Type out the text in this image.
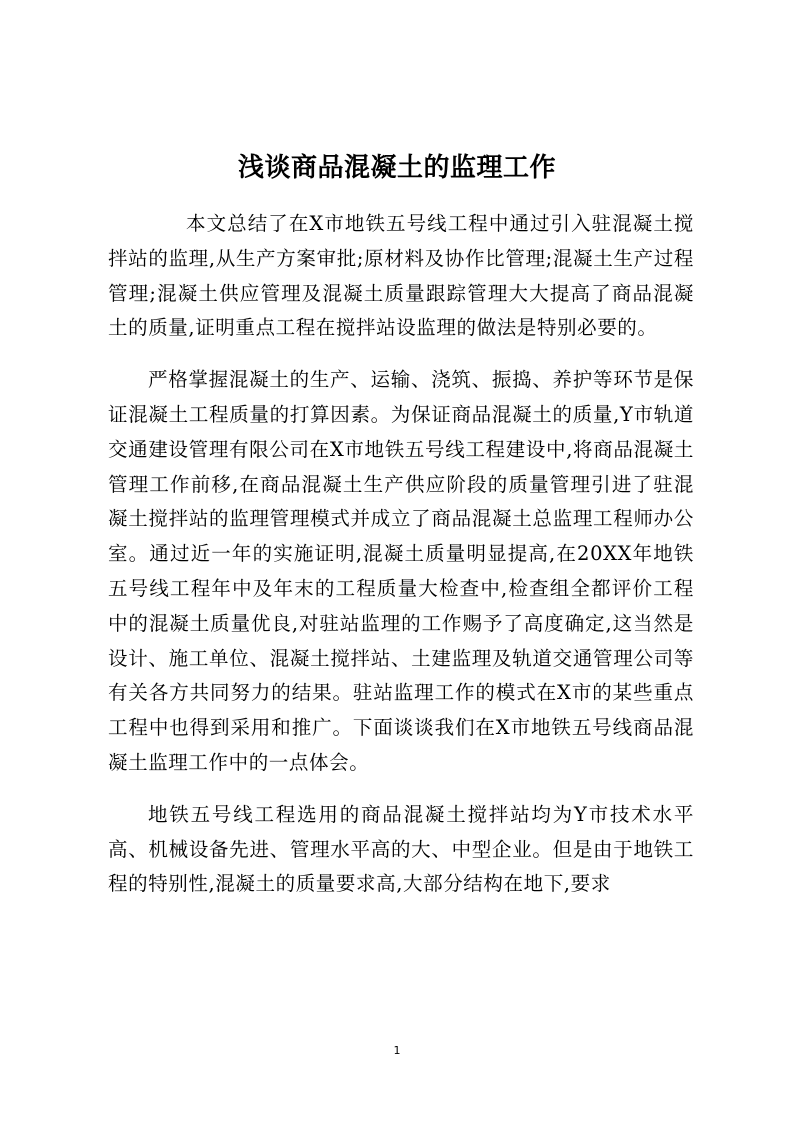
浅谈商品混凝土的监理工作

本文总结了在X市地铁五号线工程中通过引入驻混凝土搅拌站的监理,从生产方案审批;原材料及协作比管理;混凝土生产过程管理;混凝土供应管理及混凝土质量跟踪管理大大提高了商品混凝土的质量,证明重点工程在搅拌站设监理的做法是特别必要的。

严格掌握混凝土的生产、运输、浇筑、振捣、养护等环节是保证混凝土工程质量的打算因素。为保证商品混凝土的质量,Y市轨道交通建设管理有限公司在X市地铁五号线工程建设中,将商品混凝土管理工作前移,在商品混凝土生产供应阶段的质量管理引进了驻混凝土搅拌站的监理管理模式并成立了商品混凝土总监理工程师办公室。通过近一年的实施证明,混凝土质量明显提高,在20XX年地铁五号线工程年中及年末的工程质量大检查中,检查组全都评价工程中的混凝土质量优良,对驻站监理的工作赐予了高度确定,这当然是设计、施工单位、混凝土搅拌站、土建监理及轨道交通管理公司等有关各方共同努力的结果。驻站监理工作的模式在X市的某些重点工程中也得到采用和推广。下面谈谈我们在X市地铁五号线商品混凝土监理工作中的一点体会。

地铁五号线工程选用的商品混凝土搅拌站均为Y市技术水平高、机械设备先进、管理水平高的大、中型企业。但是由于地铁工程的特别性,混凝土的质量要求高,大部分结构在地下,要求

1
